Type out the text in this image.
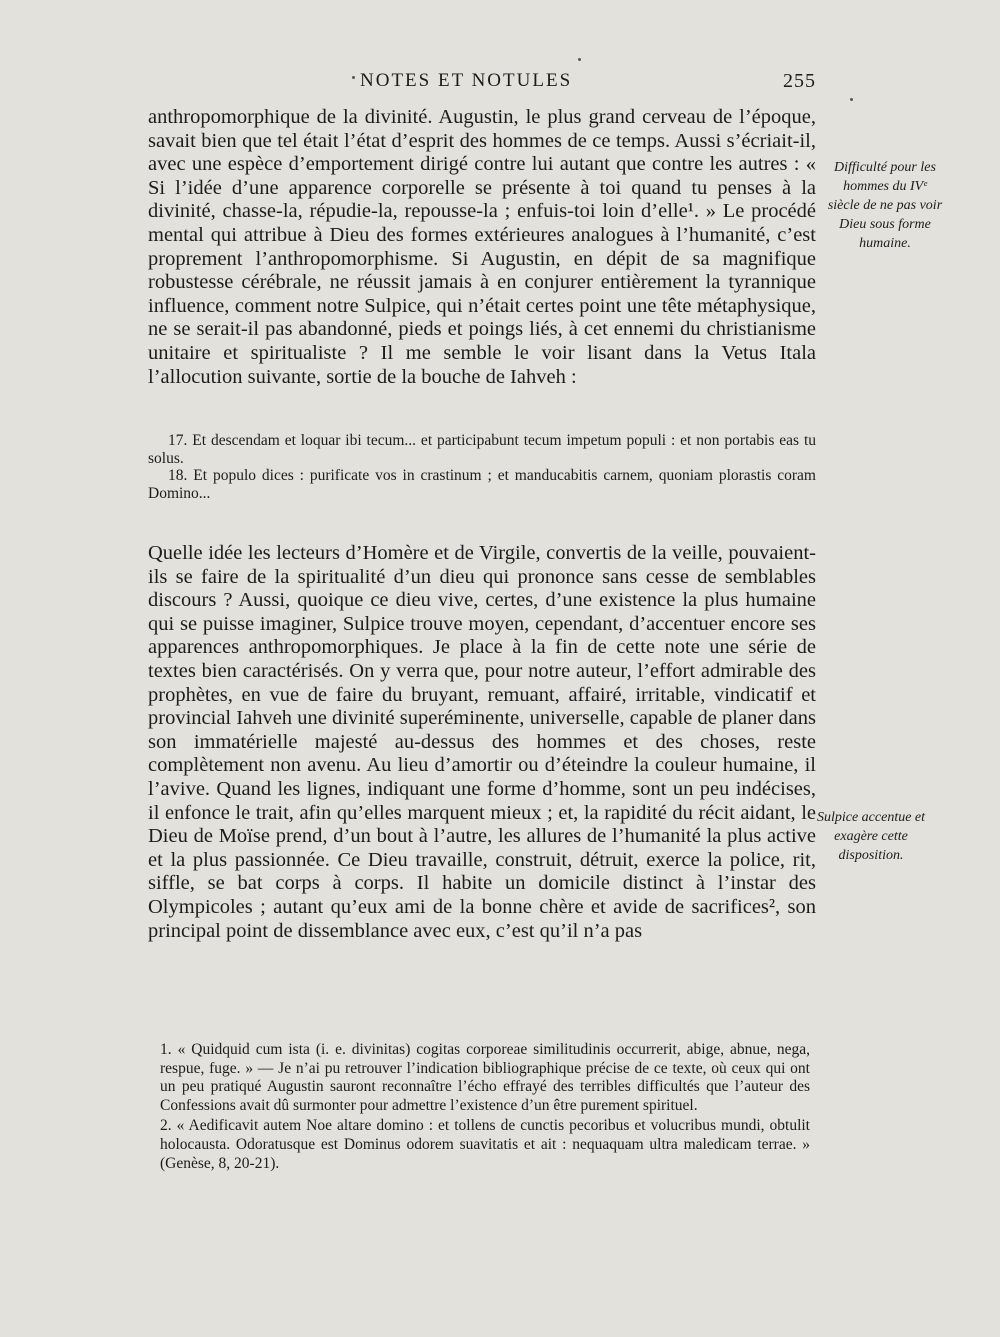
NOTES ET NOTULES	255

anthropomorphique de la divinité. Augustin, le plus grand cerveau de l’époque, savait bien que tel était l’état d’esprit des hommes de ce temps. Aussi s’écriait-il, avec une espèce d’emportement dirigé contre lui autant que contre les autres : « Si l’idée d’une apparence corporelle se présente à toi quand tu penses à la divinité, chasse-la, répudie-la, repousse-la ; enfuis-toi loin d’elle¹. » Le procédé mental qui attribue à Dieu des formes extérieures analogues à l’humanité, c’est proprement l’anthropomorphisme. Si Augustin, en dépit de sa magnifique robustesse cérébrale, ne réussit jamais à en conjurer entièrement la tyrannique influence, comment notre Sulpice, qui n’était certes point une tête métaphysique, ne se serait-il pas abandonné, pieds et poings liés, à cet ennemi du christianisme unitaire et spiritualiste ? Il me semble le voir lisant dans la Vetus Itala l’allocution suivante, sortie de la bouche de Iahveh :

17. Et descendam et loquar ibi tecum... et participabunt tecum impetum populi : et non portabis eas tu solus.

18. Et populo dices : purificate vos in crastinum ; et manducabitis carnem, quoniam plorastis coram Domino...

Quelle idée les lecteurs d’Homère et de Virgile, convertis de la veille, pouvaient-ils se faire de la spiritualité d’un dieu qui prononce sans cesse de semblables discours ? Aussi, quoique ce dieu vive, certes, d’une existence la plus humaine qui se puisse imaginer, Sulpice trouve moyen, cependant, d’accentuer encore ses apparences anthropomorphiques. Je place à la fin de cette note une série de textes bien caractérisés. On y verra que, pour notre auteur, l’effort admirable des prophètes, en vue de faire du bruyant, remuant, affairé, irritable, vindicatif et provincial Iahveh une divinité superéminente, universelle, capable de planer dans son immatérielle majesté au-dessus des hommes et des choses, reste complètement non avenu. Au lieu d’amortir ou d’éteindre la couleur humaine, il l’avive. Quand les lignes, indiquant une forme d’homme, sont un peu indécises, il enfonce le trait, afin qu’elles marquent mieux ; et, la rapidité du récit aidant, le Dieu de Moïse prend, d’un bout à l’autre, les allures de l’humanité la plus active et la plus passionnée. Ce Dieu travaille, construit, détruit, exerce la police, rit, siffle, se bat corps à corps. Il habite un domicile distinct à l’instar des Olympicoles ; autant qu’eux ami de la bonne chère et avide de sacrifices², son principal point de dissemblance avec eux, c’est qu’il n’a pas

Difficulté pour les hommes du IVᵉ siècle de ne pas voir Dieu sous forme humaine.
Sulpice accentue et exagère cette disposition.

1. « Quidquid cum ista (i. e. divinitas) cogitas corporeae similitudinis occurrerit, abige, abnue, nega, respue, fuge. » — Je n’ai pu retrouver l’indication bibliographique précise de ce texte, où ceux qui ont un peu pratiqué Augustin sauront reconnaître l’écho effrayé des terribles difficultés que l’auteur des Confessions avait dû surmonter pour admettre l’existence d’un être purement spirituel.

2. « Aedificavit autem Noe altare domino : et tollens de cunctis pecoribus et volucribus mundi, obtulit holocausta. Odoratusque est Dominus odorem suavitatis et ait : nequaquam ultra maledicam terrae. » (Genèse, 8, 20-21).
